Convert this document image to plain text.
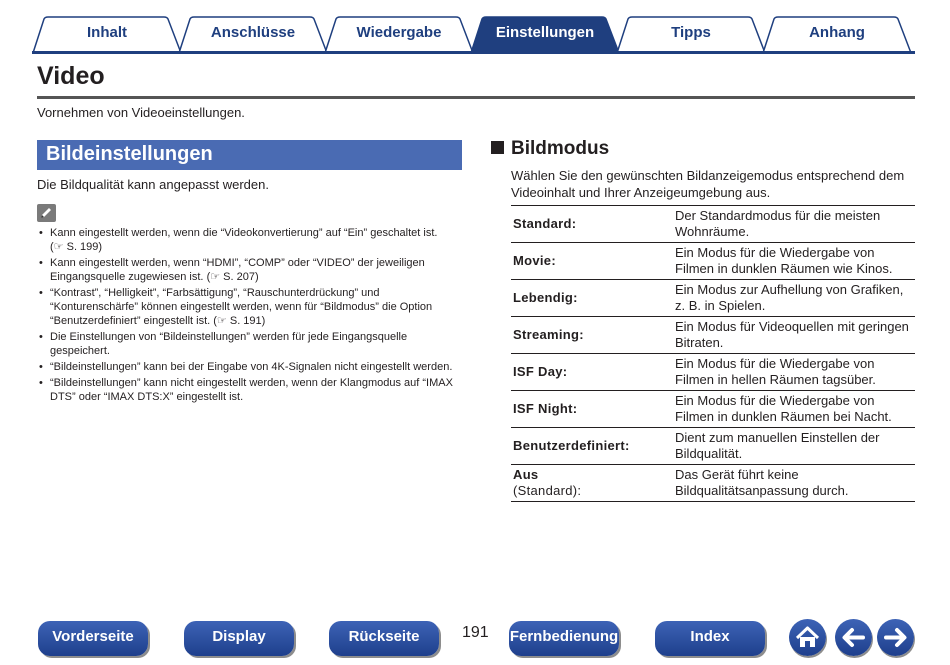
Inhalt	Anschlüsse	Wiedergabe	Einstellungen	Tipps	Anhang
Video
Vornehmen von Videoeinstellungen.
Bildeinstellungen
Die Bildqualität kann angepasst werden.
• Kann eingestellt werden, wenn die “Videokonvertierung” auf “Ein” geschaltet ist. (☞ S. 199)
• Kann eingestellt werden, wenn “HDMI”, “COMP” oder “VIDEO” der jeweiligen Eingangsquelle zugewiesen ist. (☞ S. 207)
• “Kontrast”, “Helligkeit”, “Farbsättigung”, “Rauschunterdrückung” und “Konturenschärfe” können eingestellt werden, wenn für “Bildmodus” die Option “Benutzerdefiniert” eingestellt ist. (☞ S. 191)
• Die Einstellungen von “Bildeinstellungen” werden für jede Eingangsquelle gespeichert.
• “Bildeinstellungen” kann bei der Eingabe von 4K-Signalen nicht eingestellt werden.
• “Bildeinstellungen” kann nicht eingestellt werden, wenn der Klangmodus auf “IMAX DTS” oder “IMAX DTS:X” eingestellt ist.
Bildmodus
Wählen Sie den gewünschten Bildanzeigemodus entsprechend dem Videoinhalt und Ihrer Anzeigeumgebung aus.
Standard:	Der Standardmodus für die meisten Wohnräume.
Movie:	Ein Modus für die Wiedergabe von Filmen in dunklen Räumen wie Kinos.
Lebendig:	Ein Modus zur Aufhellung von Grafiken, z. B. in Spielen.
Streaming:	Ein Modus für Videoquellen mit geringen Bitraten.
ISF Day:	Ein Modus für die Wiedergabe von Filmen in hellen Räumen tagsüber.
ISF Night:	Ein Modus für die Wiedergabe von Filmen in dunklen Räumen bei Nacht.
Benutzerdefiniert:	Dient zum manuellen Einstellen der Bildqualität.
Aus
(Standard):	Das Gerät führt keine Bildqualitätsanpassung durch.
Vorderseite	Display	Rückseite	191 Fernbedienung	Index
